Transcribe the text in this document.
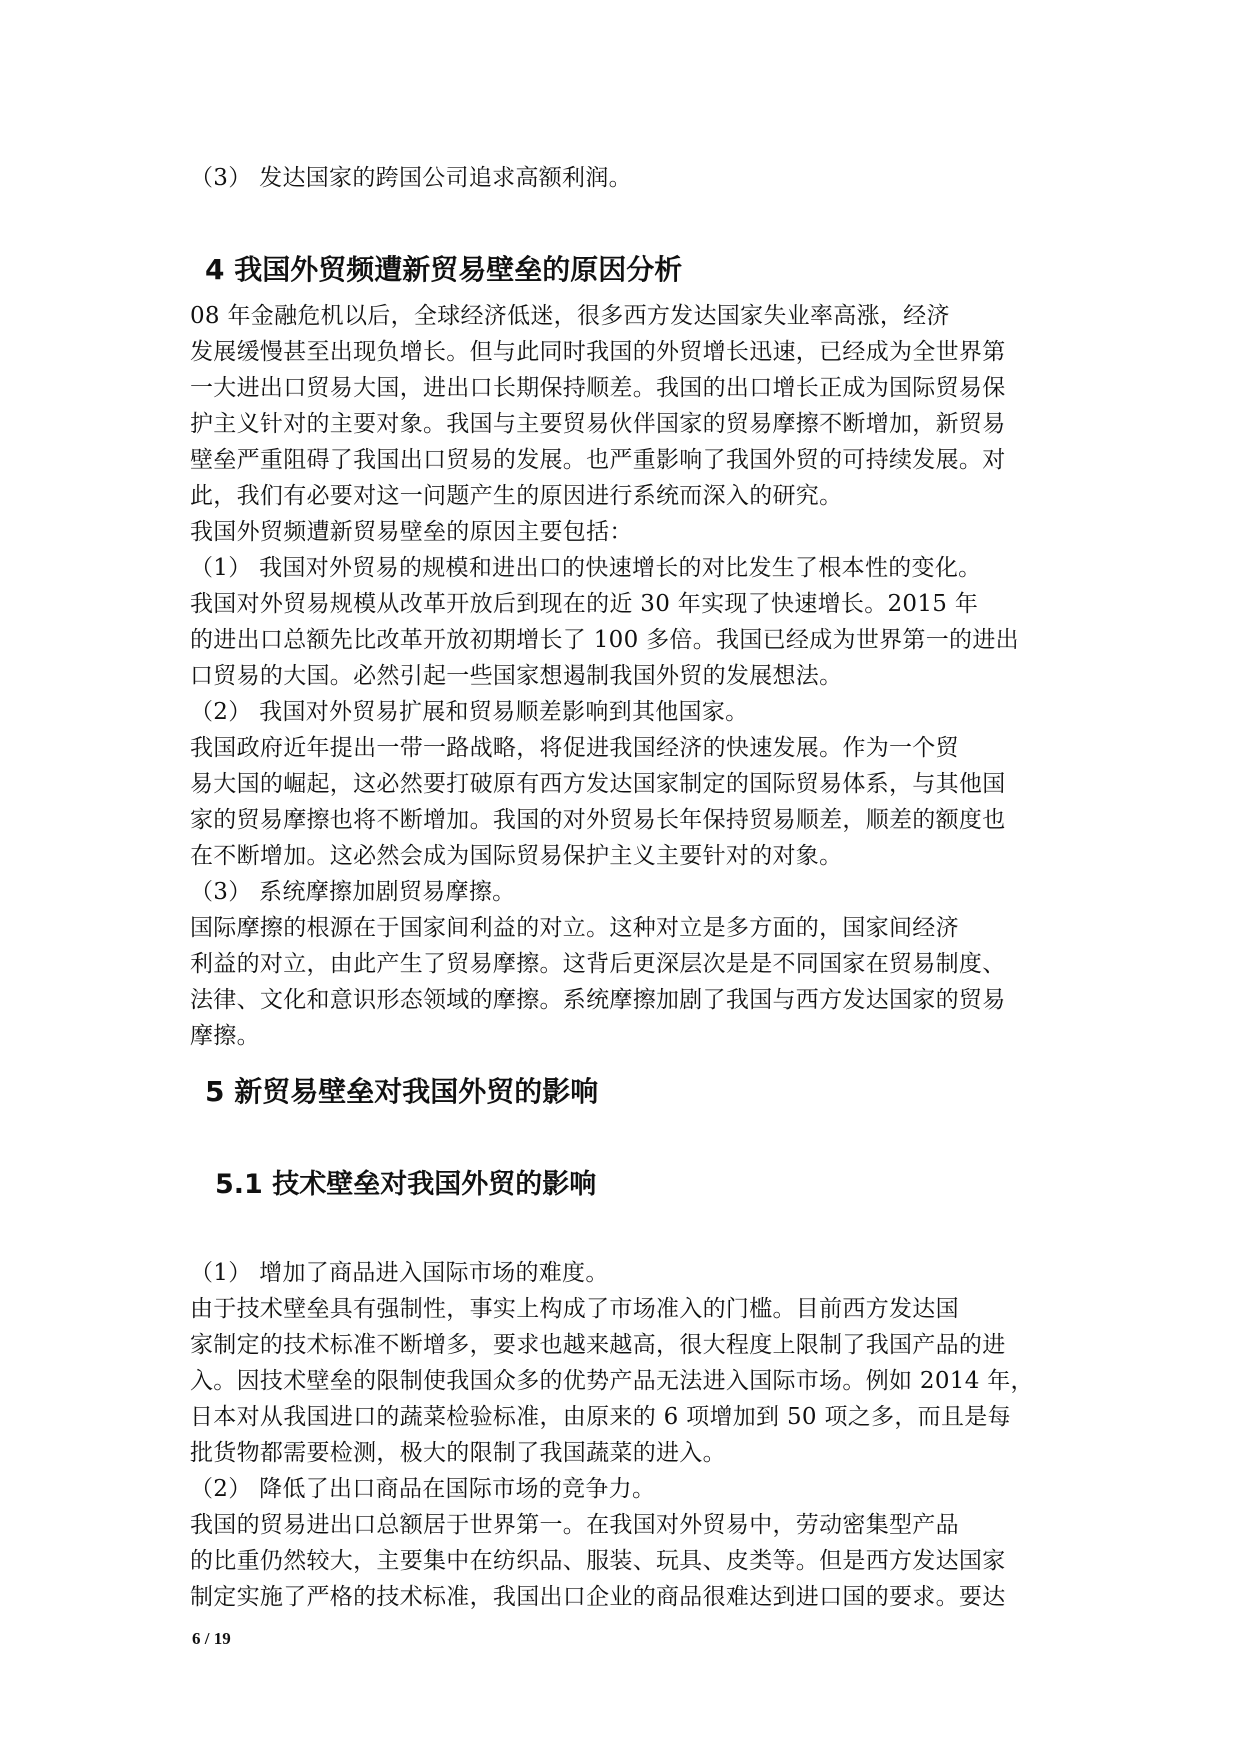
（3） 发达国家的跨国公司追求高额利润。
4 我国外贸频遭新贸易壁垒的原因分析
08 年金融危机以后，全球经济低迷，很多西方发达国家失业率高涨，经济
发展缓慢甚至出现负增长。但与此同时我国的外贸增长迅速，已经成为全世界第
一大进出口贸易大国，进出口长期保持顺差。我国的出口增长正成为国际贸易保
护主义针对的主要对象。我国与主要贸易伙伴国家的贸易摩擦不断增加，新贸易
壁垒严重阻碍了我国出口贸易的发展。也严重影响了我国外贸的可持续发展。对
此，我们有必要对这一问题产生的原因进行系统而深入的研究。
我国外贸频遭新贸易壁垒的原因主要包括：
（1） 我国对外贸易的规模和进出口的快速增长的对比发生了根本性的变化。
我国对外贸易规模从改革开放后到现在的近 30 年实现了快速增长。2015 年
的进出口总额先比改革开放初期增长了 100 多倍。我国已经成为世界第一的进出
口贸易的大国。必然引起一些国家想遏制我国外贸的发展想法。
（2） 我国对外贸易扩展和贸易顺差影响到其他国家。
我国政府近年提出一带一路战略，将促进我国经济的快速发展。作为一个贸
易大国的崛起，这必然要打破原有西方发达国家制定的国际贸易体系，与其他国
家的贸易摩擦也将不断增加。我国的对外贸易长年保持贸易顺差，顺差的额度也
在不断增加。这必然会成为国际贸易保护主义主要针对的对象。
（3） 系统摩擦加剧贸易摩擦。
国际摩擦的根源在于国家间利益的对立。这种对立是多方面的，国家间经济
利益的对立，由此产生了贸易摩擦。这背后更深层次是是不同国家在贸易制度、
法律、文化和意识形态领域的摩擦。系统摩擦加剧了我国与西方发达国家的贸易
摩擦。
5 新贸易壁垒对我国外贸的影响
5.1 技术壁垒对我国外贸的影响
（1） 增加了商品进入国际市场的难度。
由于技术壁垒具有强制性，事实上构成了市场准入的门槛。目前西方发达国
家制定的技术标准不断增多，要求也越来越高，很大程度上限制了我国产品的进
入。因技术壁垒的限制使我国众多的优势产品无法进入国际市场。例如 2014 年，
日本对从我国进口的蔬菜检验标准，由原来的 6 项增加到 50 项之多，而且是每
批货物都需要检测，极大的限制了我国蔬菜的进入。
（2） 降低了出口商品在国际市场的竞争力。
我国的贸易进出口总额居于世界第一。在我国对外贸易中，劳动密集型产品
的比重仍然较大，主要集中在纺织品、服装、玩具、皮类等。但是西方发达国家
制定实施了严格的技术标准，我国出口企业的商品很难达到进口国的要求。要达
6 / 19
